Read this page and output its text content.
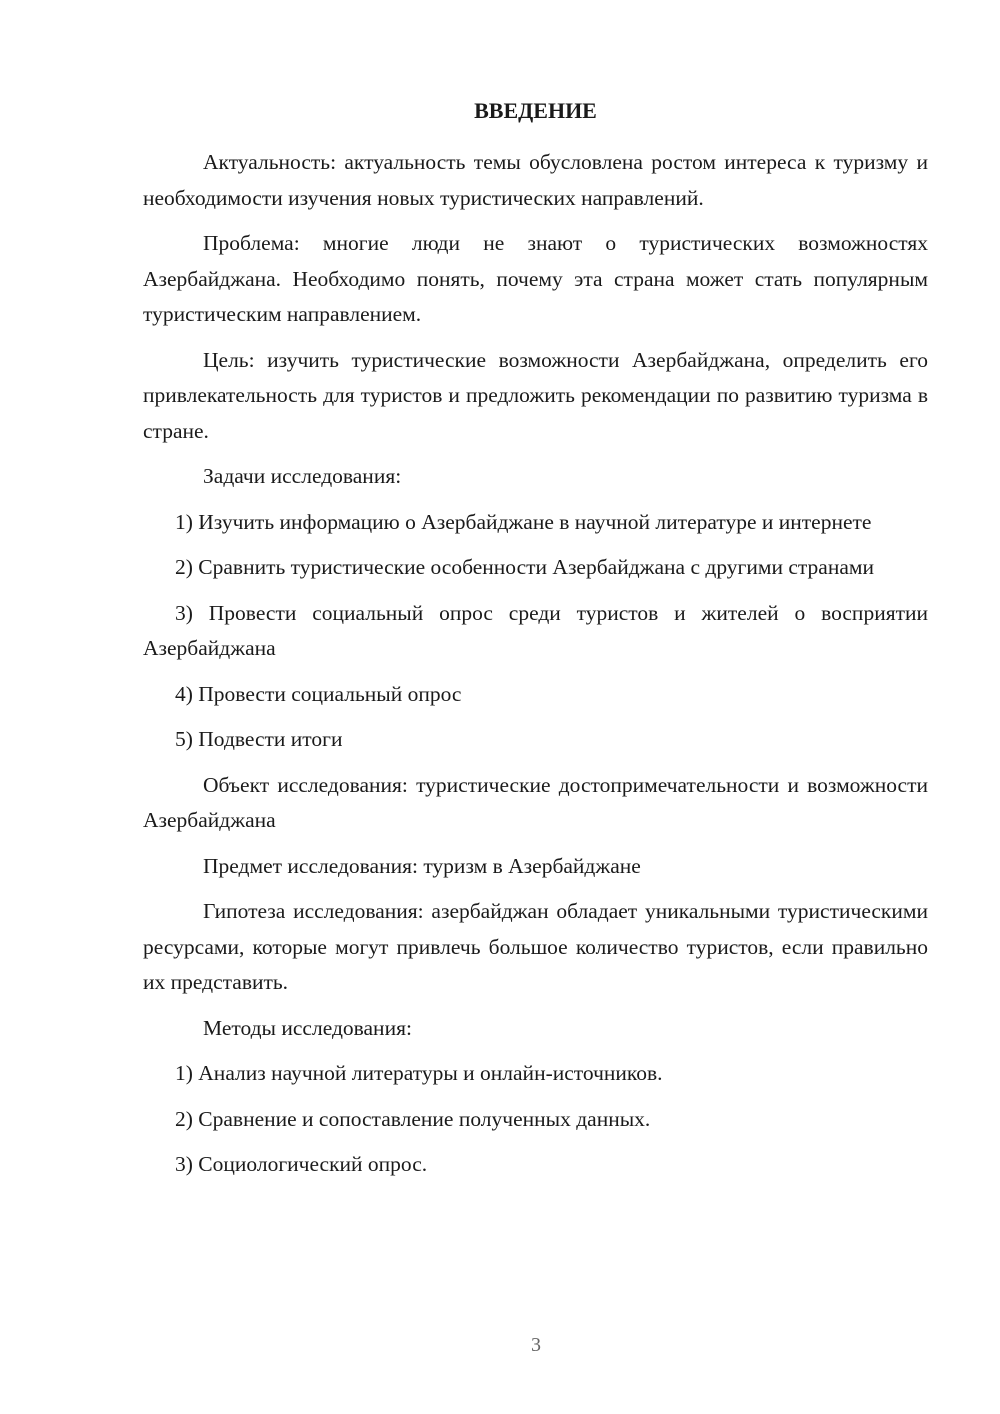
ВВЕДЕНИЕ

Актуальность: актуальность темы обусловлена ростом интереса к туризму и необходимости изучения новых туристических направлений.

Проблема: многие люди не знают о туристических возможностях Азербайджана. Необходимо понять, почему эта страна может стать популярным туристическим направлением.

Цель: изучить туристические возможности Азербайджана, определить его привлекательность для туристов и предложить рекомендации по развитию туризма в стране.

Задачи исследования:

1) Изучить информацию о Азербайджане в научной литературе и интернете

2) Сравнить туристические особенности Азербайджана с другими странами

3) Провести социальный опрос среди туристов и жителей о восприятии Азербайджана

4) Провести социальный опрос

5) Подвести итоги

Объект исследования: туристические достопримечательности и возможности Азербайджана

Предмет исследования: туризм в Азербайджане

Гипотеза исследования: азербайджан обладает уникальными туристическими ресурсами, которые могут привлечь большое количество туристов, если правильно их представить.

Методы исследования:

1) Анализ научной литературы и онлайн-источников.

2) Сравнение и сопоставление полученных данных.

3) Социологический опрос.

3
